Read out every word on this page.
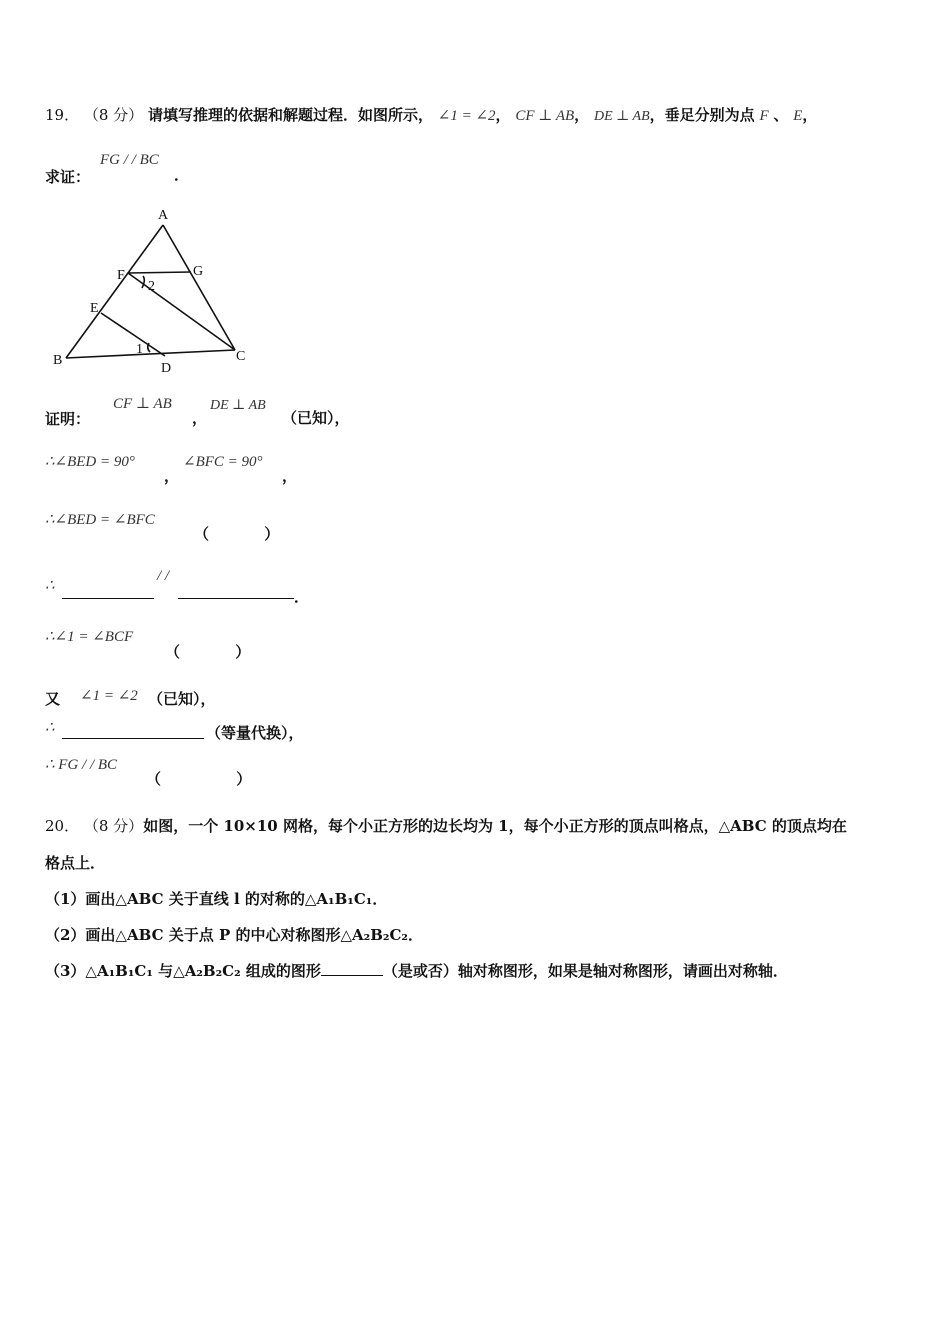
19． （8 分） 请填写推理的依据和解题过程．如图所示， ∠1 = ∠2， CF ⊥ AB， DE ⊥ AB，垂足分别为点 F 、 E，
求证：
FG / / BC
．
A
F	G
2
E
B
1
D
C
证明：
CF ⊥ AB
，
DE ⊥ AB
（已知），
∴∠BED = 90°
，
∠BFC = 90°
，
∴∠BED = ∠BFC
（ ）
∴
/ /
．
∴∠1 = ∠BCF
（ ）
又 ∠1 = ∠2 （已知），
∴	（等量代换），
∴ FG / / BC
（ ）
20． （8 分）如图，一个 10×10 网格，每个小正方形的边长均为 1，每个小正方形的顶点叫格点，△ABC 的顶点均在
格点上．
（1）画出△ABC 关于直线 l 的对称的△A₁B₁C₁．
（2）画出△ABC 关于点 P 的中心对称图形△A₂B₂C₂．
（3）△A₁B₁C₁ 与△A₂B₂C₂ 组成的图形	（是或否）轴对称图形，如果是轴对称图形，请画出对称轴．
